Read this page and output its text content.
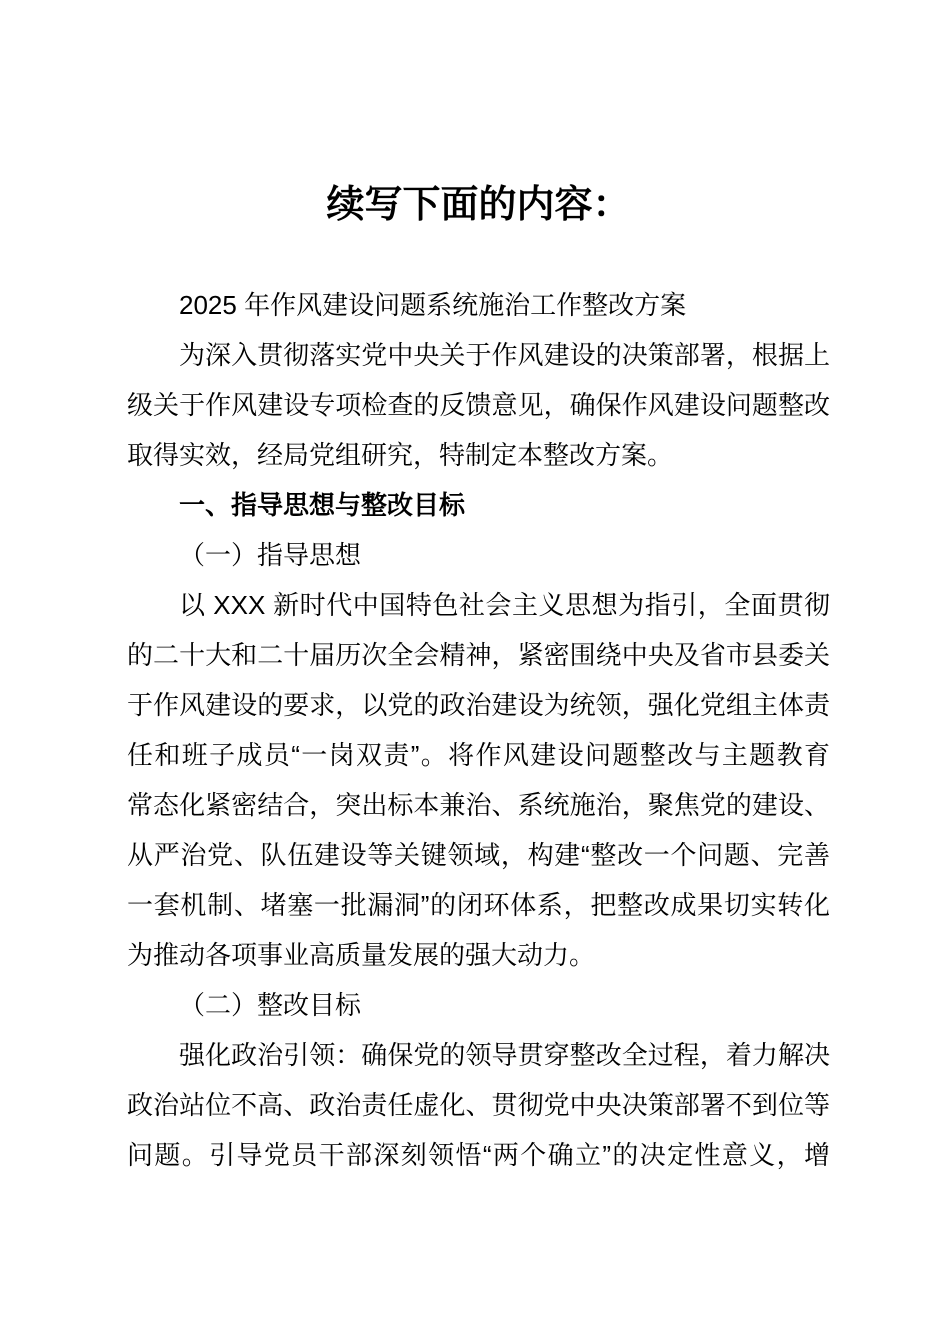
续写下面的内容：
2025 年作风建设问题系统施治工作整改方案
为深入贯彻落实党中央关于作风建设的决策部署，根据上
级关于作风建设专项检查的反馈意见，确保作风建设问题整改
取得实效，经局党组研究，特制定本整改方案。
一、指导思想与整改目标
（一）指导思想
以 XXX 新时代中国特色社会主义思想为指引，全面贯彻
的二十大和二十届历次全会精神，紧密围绕中央及省市县委关
于作风建设的要求，以党的政治建设为统领，强化党组主体责
任和班子成员“一岗双责”。将作风建设问题整改与主题教育
常态化紧密结合，突出标本兼治、系统施治，聚焦党的建设、
从严治党、队伍建设等关键领域，构建“整改一个问题、完善
一套机制、堵塞一批漏洞”的闭环体系，把整改成果切实转化
为推动各项事业高质量发展的强大动力。
（二）整改目标
强化政治引领：确保党的领导贯穿整改全过程，着力解决
政治站位不高、政治责任虚化、贯彻党中央决策部署不到位等
问题。引导党员干部深刻领悟“两个确立”的决定性意义，增
